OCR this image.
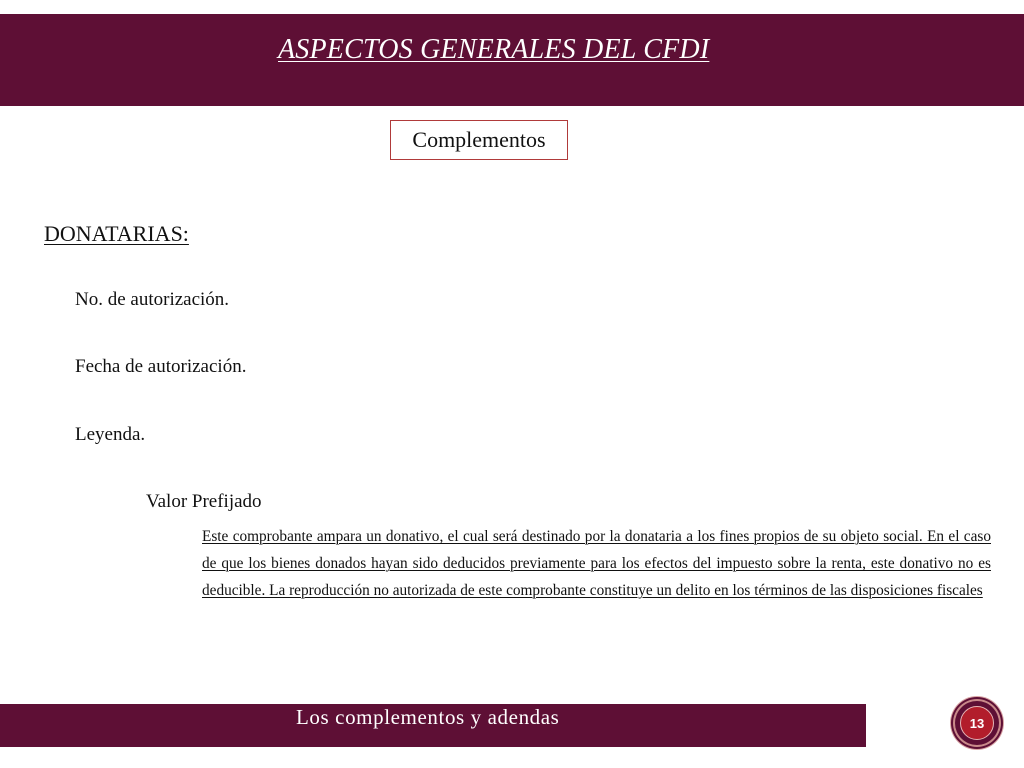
ASPECTOS GENERALES DEL CFDI
Complementos
DONATARIAS:
No. de autorización.
Fecha de autorización.
Leyenda.
Valor Prefijado
Este comprobante ampara un donativo, el cual será destinado por la donataria a los fines propios de su objeto social. En el caso de que los bienes donados hayan sido deducidos previamente para los efectos del impuesto sobre la renta, este donativo no es deducible. La reproducción no autorizada de este comprobante constituye un delito en los términos de las disposiciones fiscales
Los complementos y adendas	13
